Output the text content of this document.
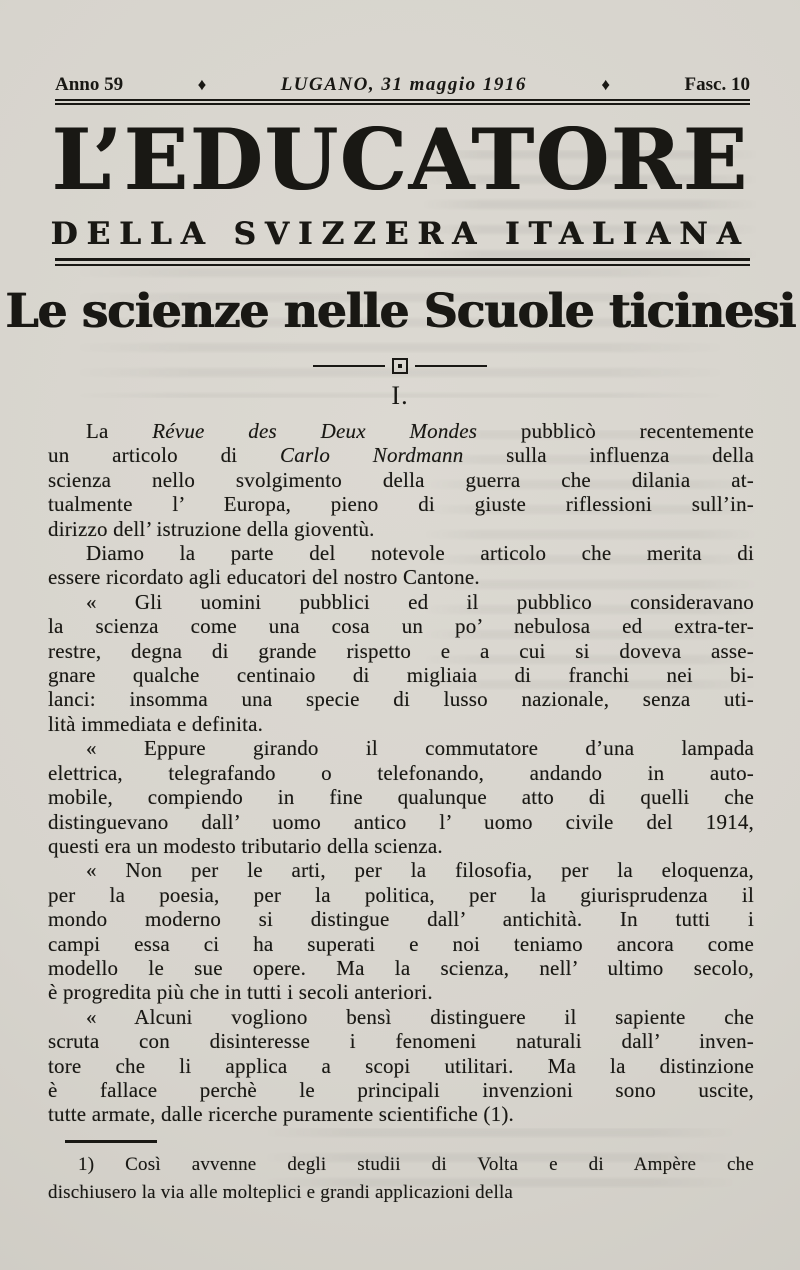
Anno 59	♦	LUGANO, 31 maggio 1916	♦	Fasc. 10
L’EDUCATORE
DELLA SVIZZERA ITALIANA
Le scienze nelle Scuole ticinesi
I.
La Révue des Deux Mondes pubblicò recentemente
un articolo di Carlo Nordmann sulla influenza della
scienza nello svolgimento della guerra che dilania at-
tualmente l’ Europa, pieno di giuste riflessioni sull’in-
dirizzo dell’ istruzione della gioventù.
Diamo la parte del notevole articolo che merita di
essere ricordato agli educatori del nostro Cantone.
« Gli uomini pubblici ed il pubblico consideravano
la scienza come una cosa un po’ nebulosa ed extra-ter-
restre, degna di grande rispetto e a cui si doveva asse-
gnare qualche centinaio di migliaia di franchi nei bi-
lanci: insomma una specie di lusso nazionale, senza uti-
lità immediata e definita.
« Eppure girando il commutatore d’una lampada
elettrica, telegrafando o telefonando, andando in auto-
mobile, compiendo in fine qualunque atto di quelli che
distinguevano dall’ uomo antico l’ uomo civile del 1914,
questi era un modesto tributario della scienza.
« Non per le arti, per la filosofia, per la eloquenza,
per la poesia, per la politica, per la giurisprudenza il
mondo moderno si distingue dall’ antichità. In tutti i
campi essa ci ha superati e noi teniamo ancora come
modello le sue opere. Ma la scienza, nell’ ultimo secolo,
è progredita più che in tutti i secoli anteriori.
« Alcuni vogliono bensì distinguere il sapiente che
scruta con disinteresse i fenomeni naturali dall’ inven-
tore che li applica a scopi utilitari. Ma la distinzione
è fallace perchè le principali invenzioni sono uscite,
tutte armate, dalle ricerche puramente scientifiche (1).
1) Così avvenne degli studii di Volta e di Ampère che
dischiusero la via alle molteplici e grandi applicazioni della
